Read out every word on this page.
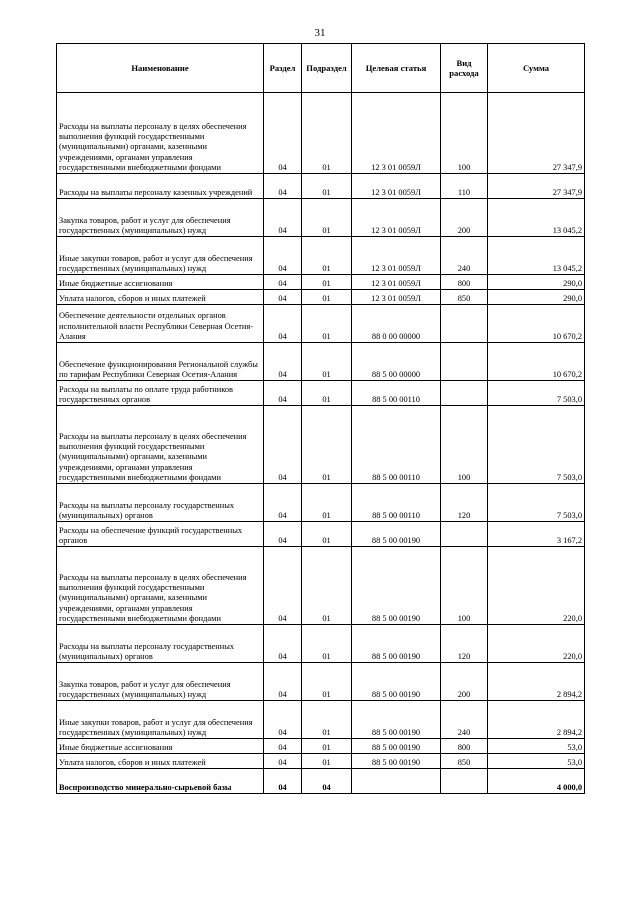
31
Наименование	Раздел	Подраздел	Целевая статья	Вид расхода	Сумма
Расходы на выплаты персоналу в целях обеспечения выполнения функций государственными (муниципальными) органами, казенными учреждениями, органами управления государственными внебюджетными фондами	04	01	12 3 01 0059Л	100	27 347,9
Расходы на выплаты персоналу казенных учреждений	04	01	12 3 01 0059Л	110	27 347,9
Закупка товаров, работ и услуг для обеспечения государственных (муниципальных) нужд	04	01	12 3 01 0059Л	200	13 045,2
Иные закупки товаров, работ и услуг для обеспечения государственных (муниципальных) нужд	04	01	12 3 01 0059Л	240	13 045,2
Иные бюджетные ассигнования	04	01	12 3 01 0059Л	800	290,0
Уплата налогов, сборов и иных платежей	04	01	12 3 01 0059Л	850	290,0
Обеспечение деятельности отдельных органов исполнительной власти Республики Северная Осетия-Алания	04	01	88 0 00 00000		10 670,2
Обеспечение функционирования Региональной службы по тарифам Республики Северная Осетия-Алания	04	01	88 5 00 00000		10 670,2
Расходы на выплаты по оплате труда работников государственных органов	04	01	88 5 00 00110		7 503,0
Расходы на выплаты персоналу в целях обеспечения выполнения функций государственными (муниципальными) органами, казенными учреждениями, органами управления государственными внебюджетными фондами	04	01	88 5 00 00110	100	7 503,0
Расходы на выплаты персоналу государственных (муниципальных) органов	04	01	88 5 00 00110	120	7 503,0
Расходы на обеспечение функций государственных органов	04	01	88 5 00 00190		3 167,2
Расходы на выплаты персоналу в целях обеспечения выполнения функций государственными (муниципальными) органами, казенными учреждениями, органами управления государственными внебюджетными фондами	04	01	88 5 00 00190	100	220,0
Расходы на выплаты персоналу государственных (муниципальных) органов	04	01	88 5 00 00190	120	220,0
Закупка товаров, работ и услуг для обеспечения государственных (муниципальных) нужд	04	01	88 5 00 00190	200	2 894,2
Иные закупки товаров, работ и услуг для обеспечения государственных (муниципальных) нужд	04	01	88 5 00 00190	240	2 894,2
Иные бюджетные ассигнования	04	01	88 5 00 00190	800	53,0
Уплата налогов, сборов и иных платежей	04	01	88 5 00 00190	850	53,0
Воспроизводство минерально-сырьевой базы	04	04			4 000,0
